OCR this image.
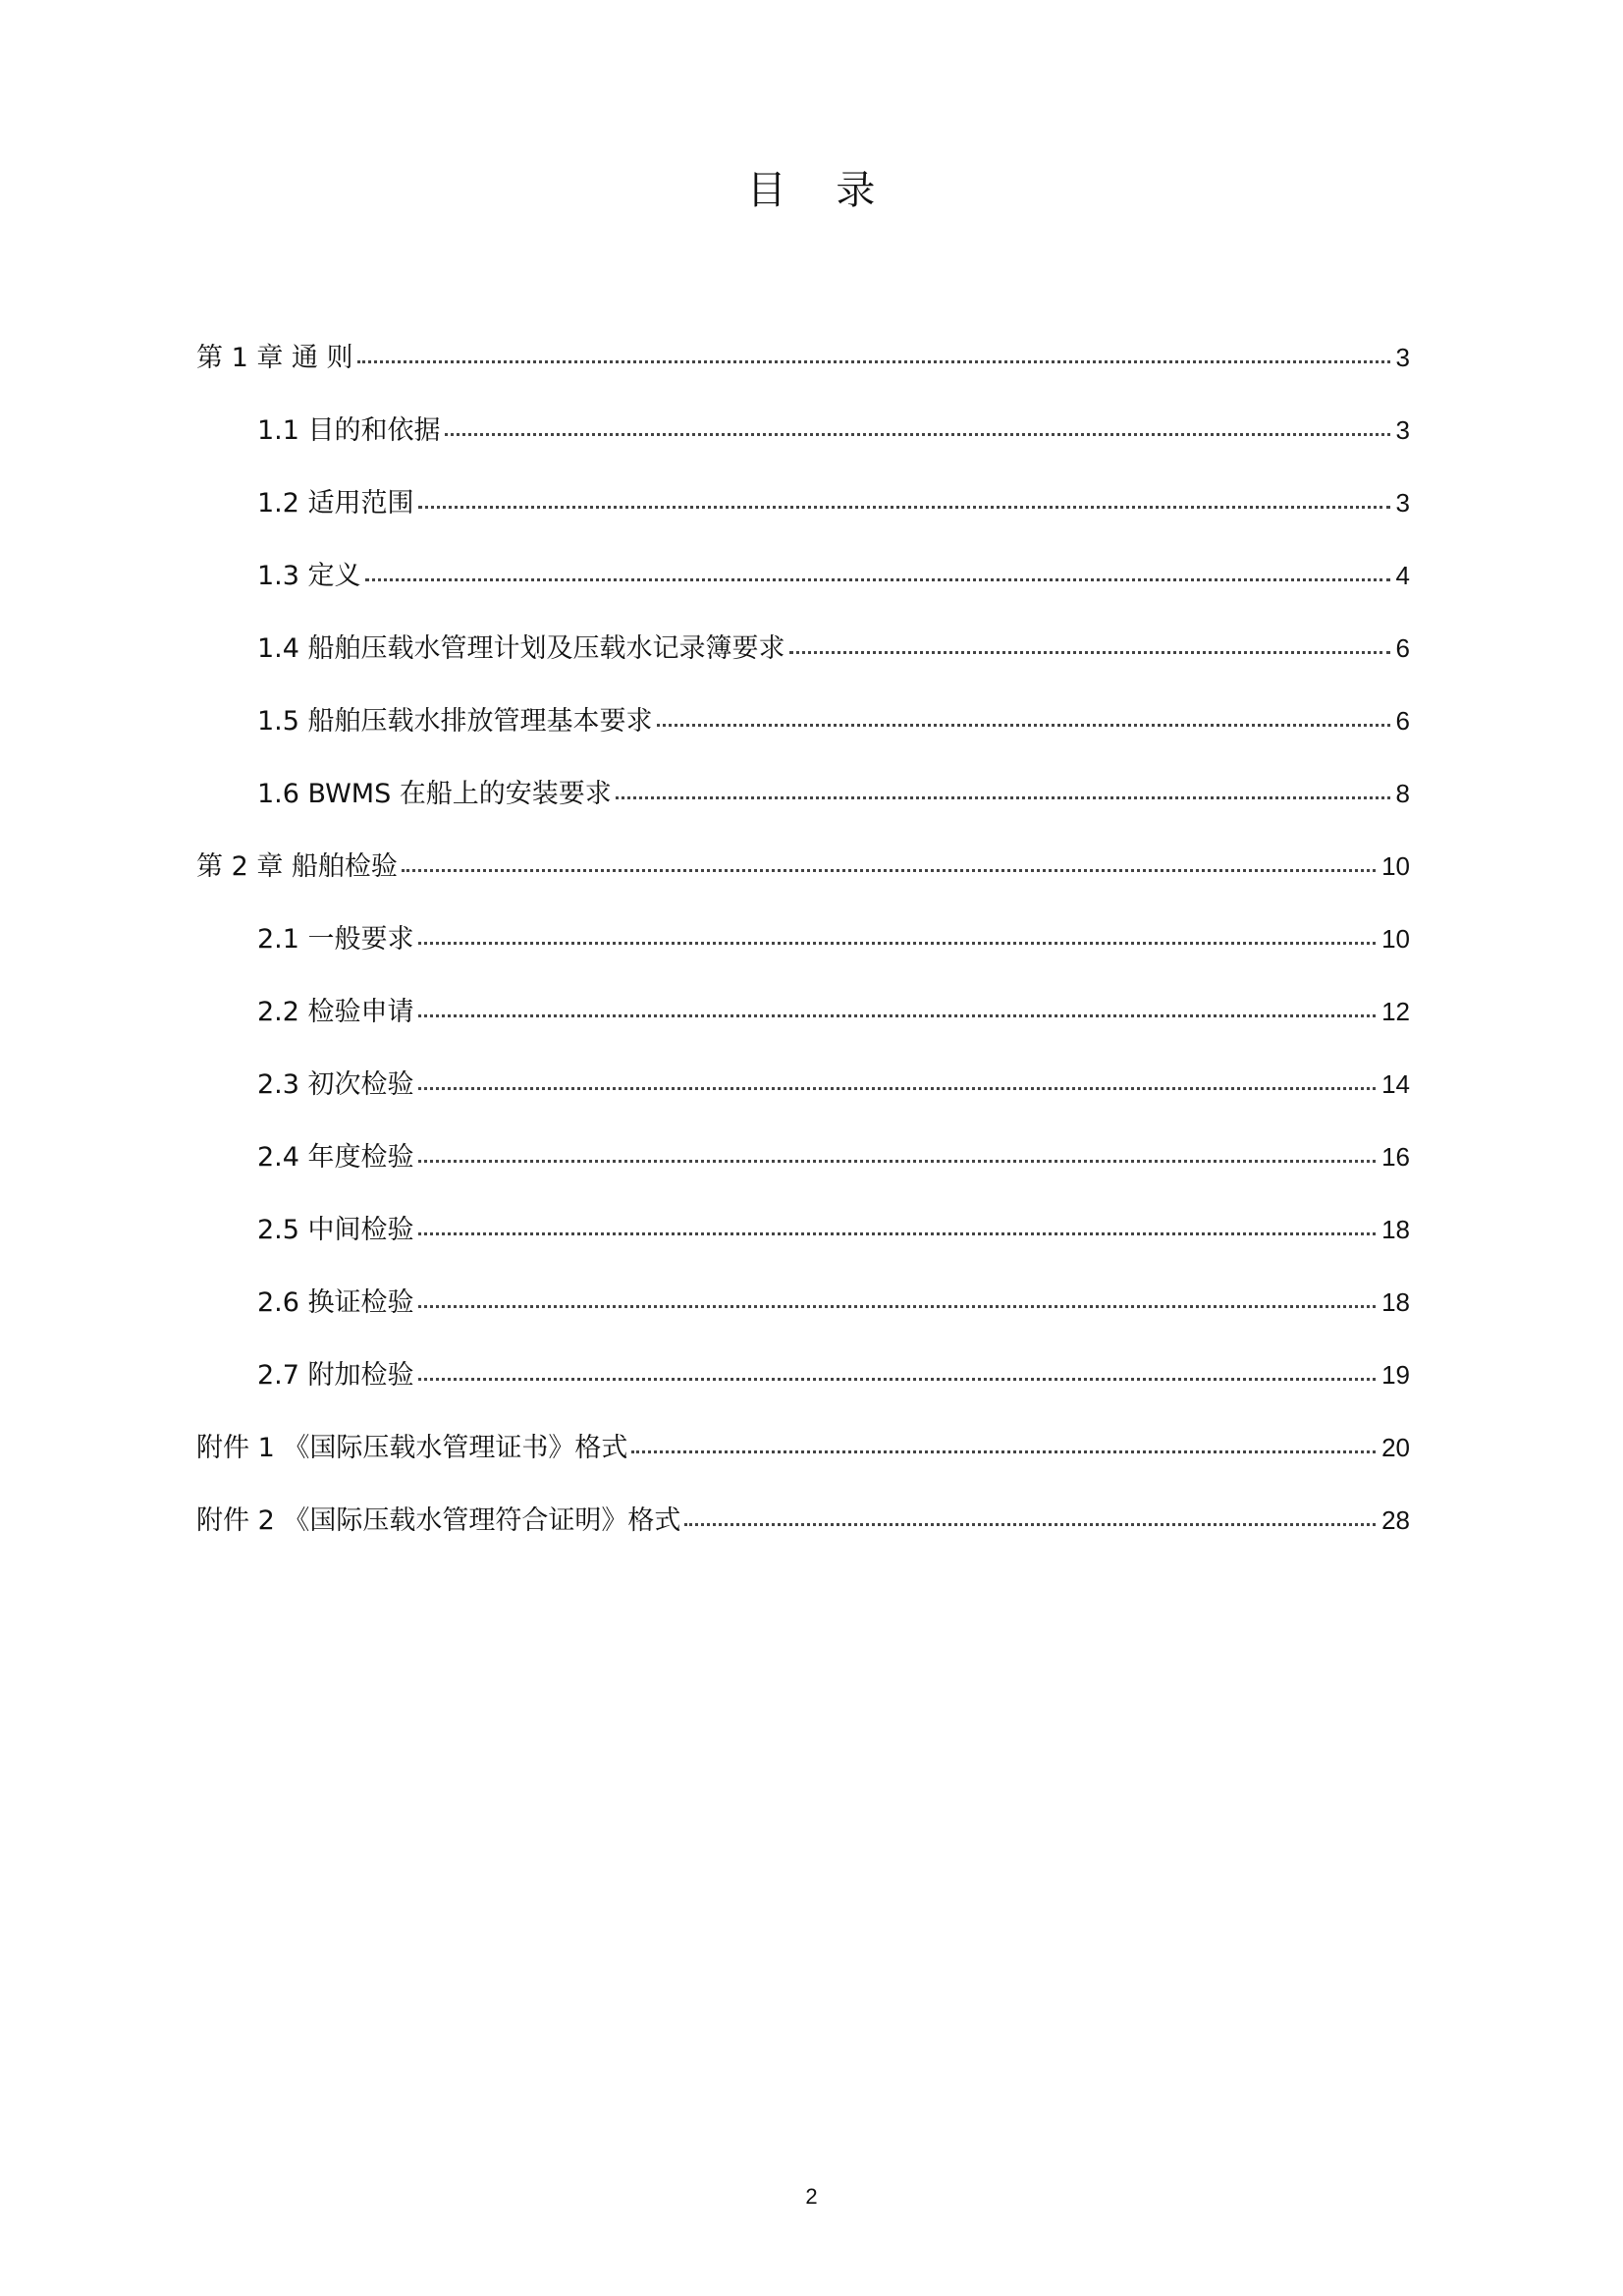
目 录
第 1 章 通 则	3
1.1 目的和依据	3
1.2 适用范围	3
1.3 定义	4
1.4 船舶压载水管理计划及压载水记录簿要求	6
1.5 船舶压载水排放管理基本要求	6
1.6 BWMS 在船上的安装要求	8
第 2 章 船舶检验	10
2.1 一般要求	10
2.2 检验申请	12
2.3 初次检验	14
2.4 年度检验	16
2.5 中间检验	18
2.6 换证检验	18
2.7 附加检验	19
附件 1 《国际压载水管理证书》格式	20
附件 2 《国际压载水管理符合证明》格式	28
2
